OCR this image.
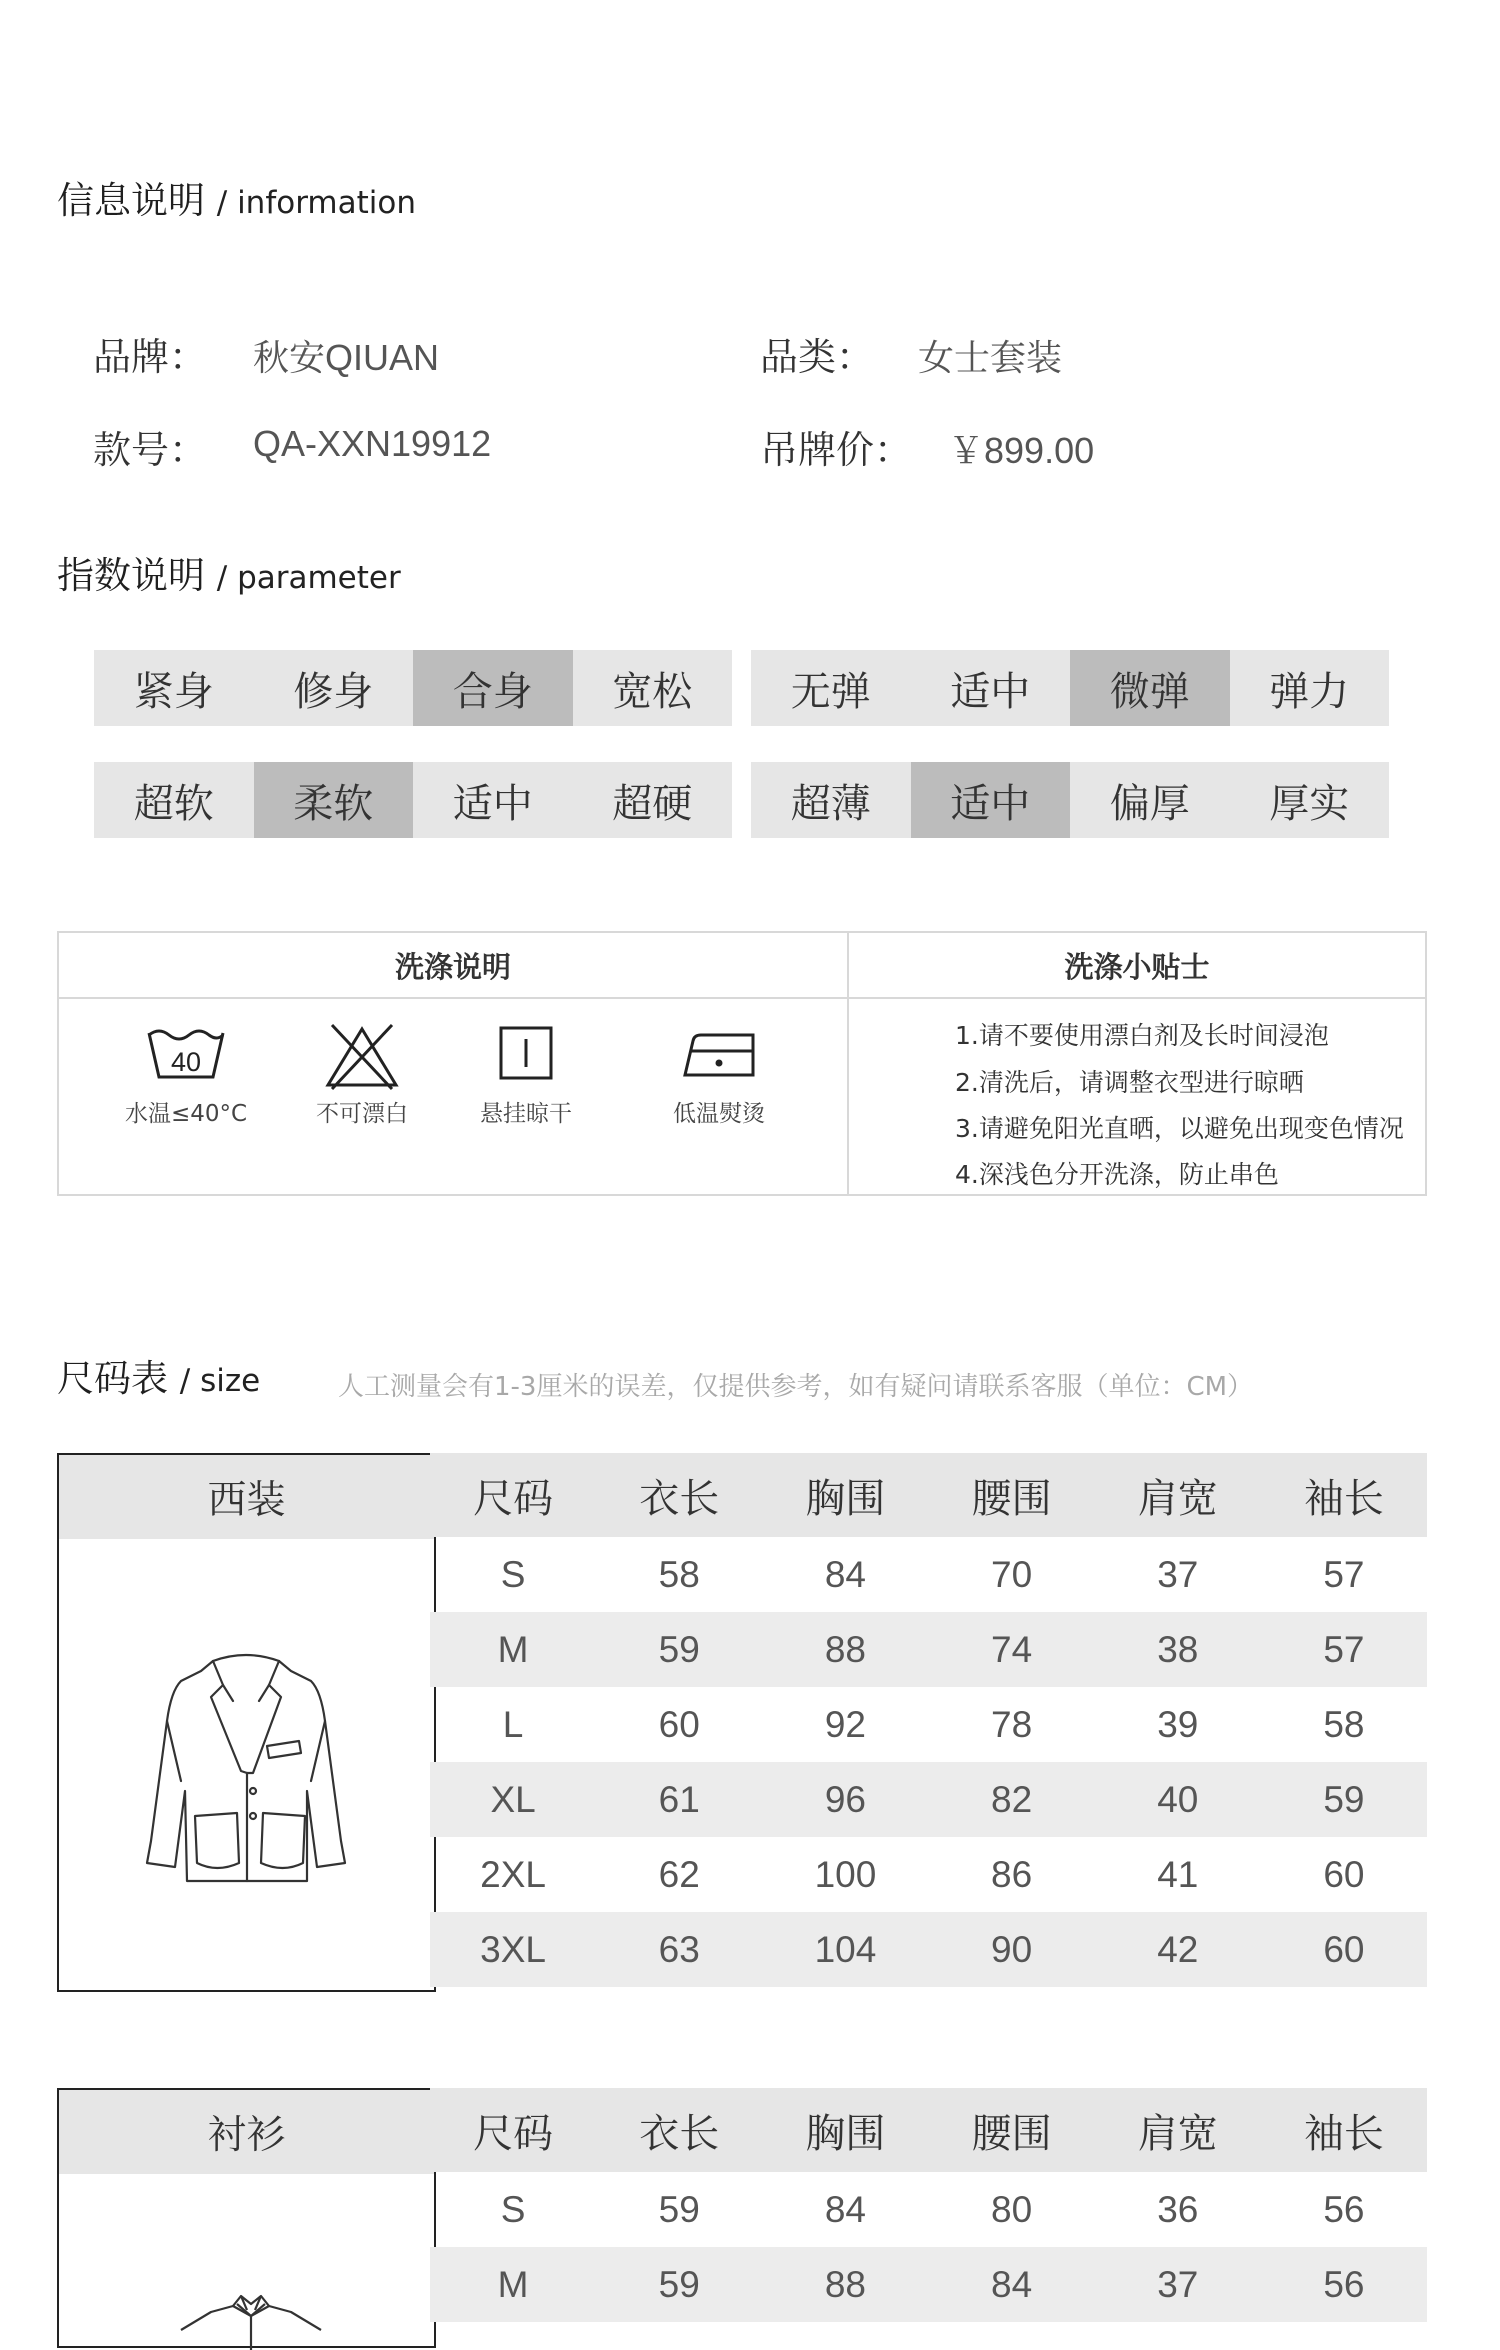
信息说明 / information
品牌： 秋安QIUAN	品类： 女士套装
款号： QA-XXN19912	吊牌价： ￥899.00
指数说明 / parameter
紧身	修身	合身	宽松	无弹	适中	微弹	弹力
超软	柔软	适中	超硬	超薄	适中	偏厚	厚实
洗涤说明	洗涤小贴士
40
水温≤40°C	不可漂白	悬挂晾干	低温熨烫
1.请不要使用漂白剂及长时间浸泡
2.清洗后，请调整衣型进行晾晒
3.请避免阳光直晒，以避免出现变色情况
4.深浅色分开洗涤，防止串色
尺码表 / size	人工测量会有1-3厘米的误差，仅提供参考，如有疑问请联系客服（单位：CM）
西装	尺码	衣长	胸围	腰围	肩宽	袖长
S	58	84	70	37	57
M	59	88	74	38	57
L	60	92	78	39	58
XL	61	96	82	40	59
2XL	62	100	86	41	60
3XL	63	104	90	42	60
衬衫	尺码	衣长	胸围	腰围	肩宽	袖长
S	59	84	80	36	56
M	59	88	84	37	56
